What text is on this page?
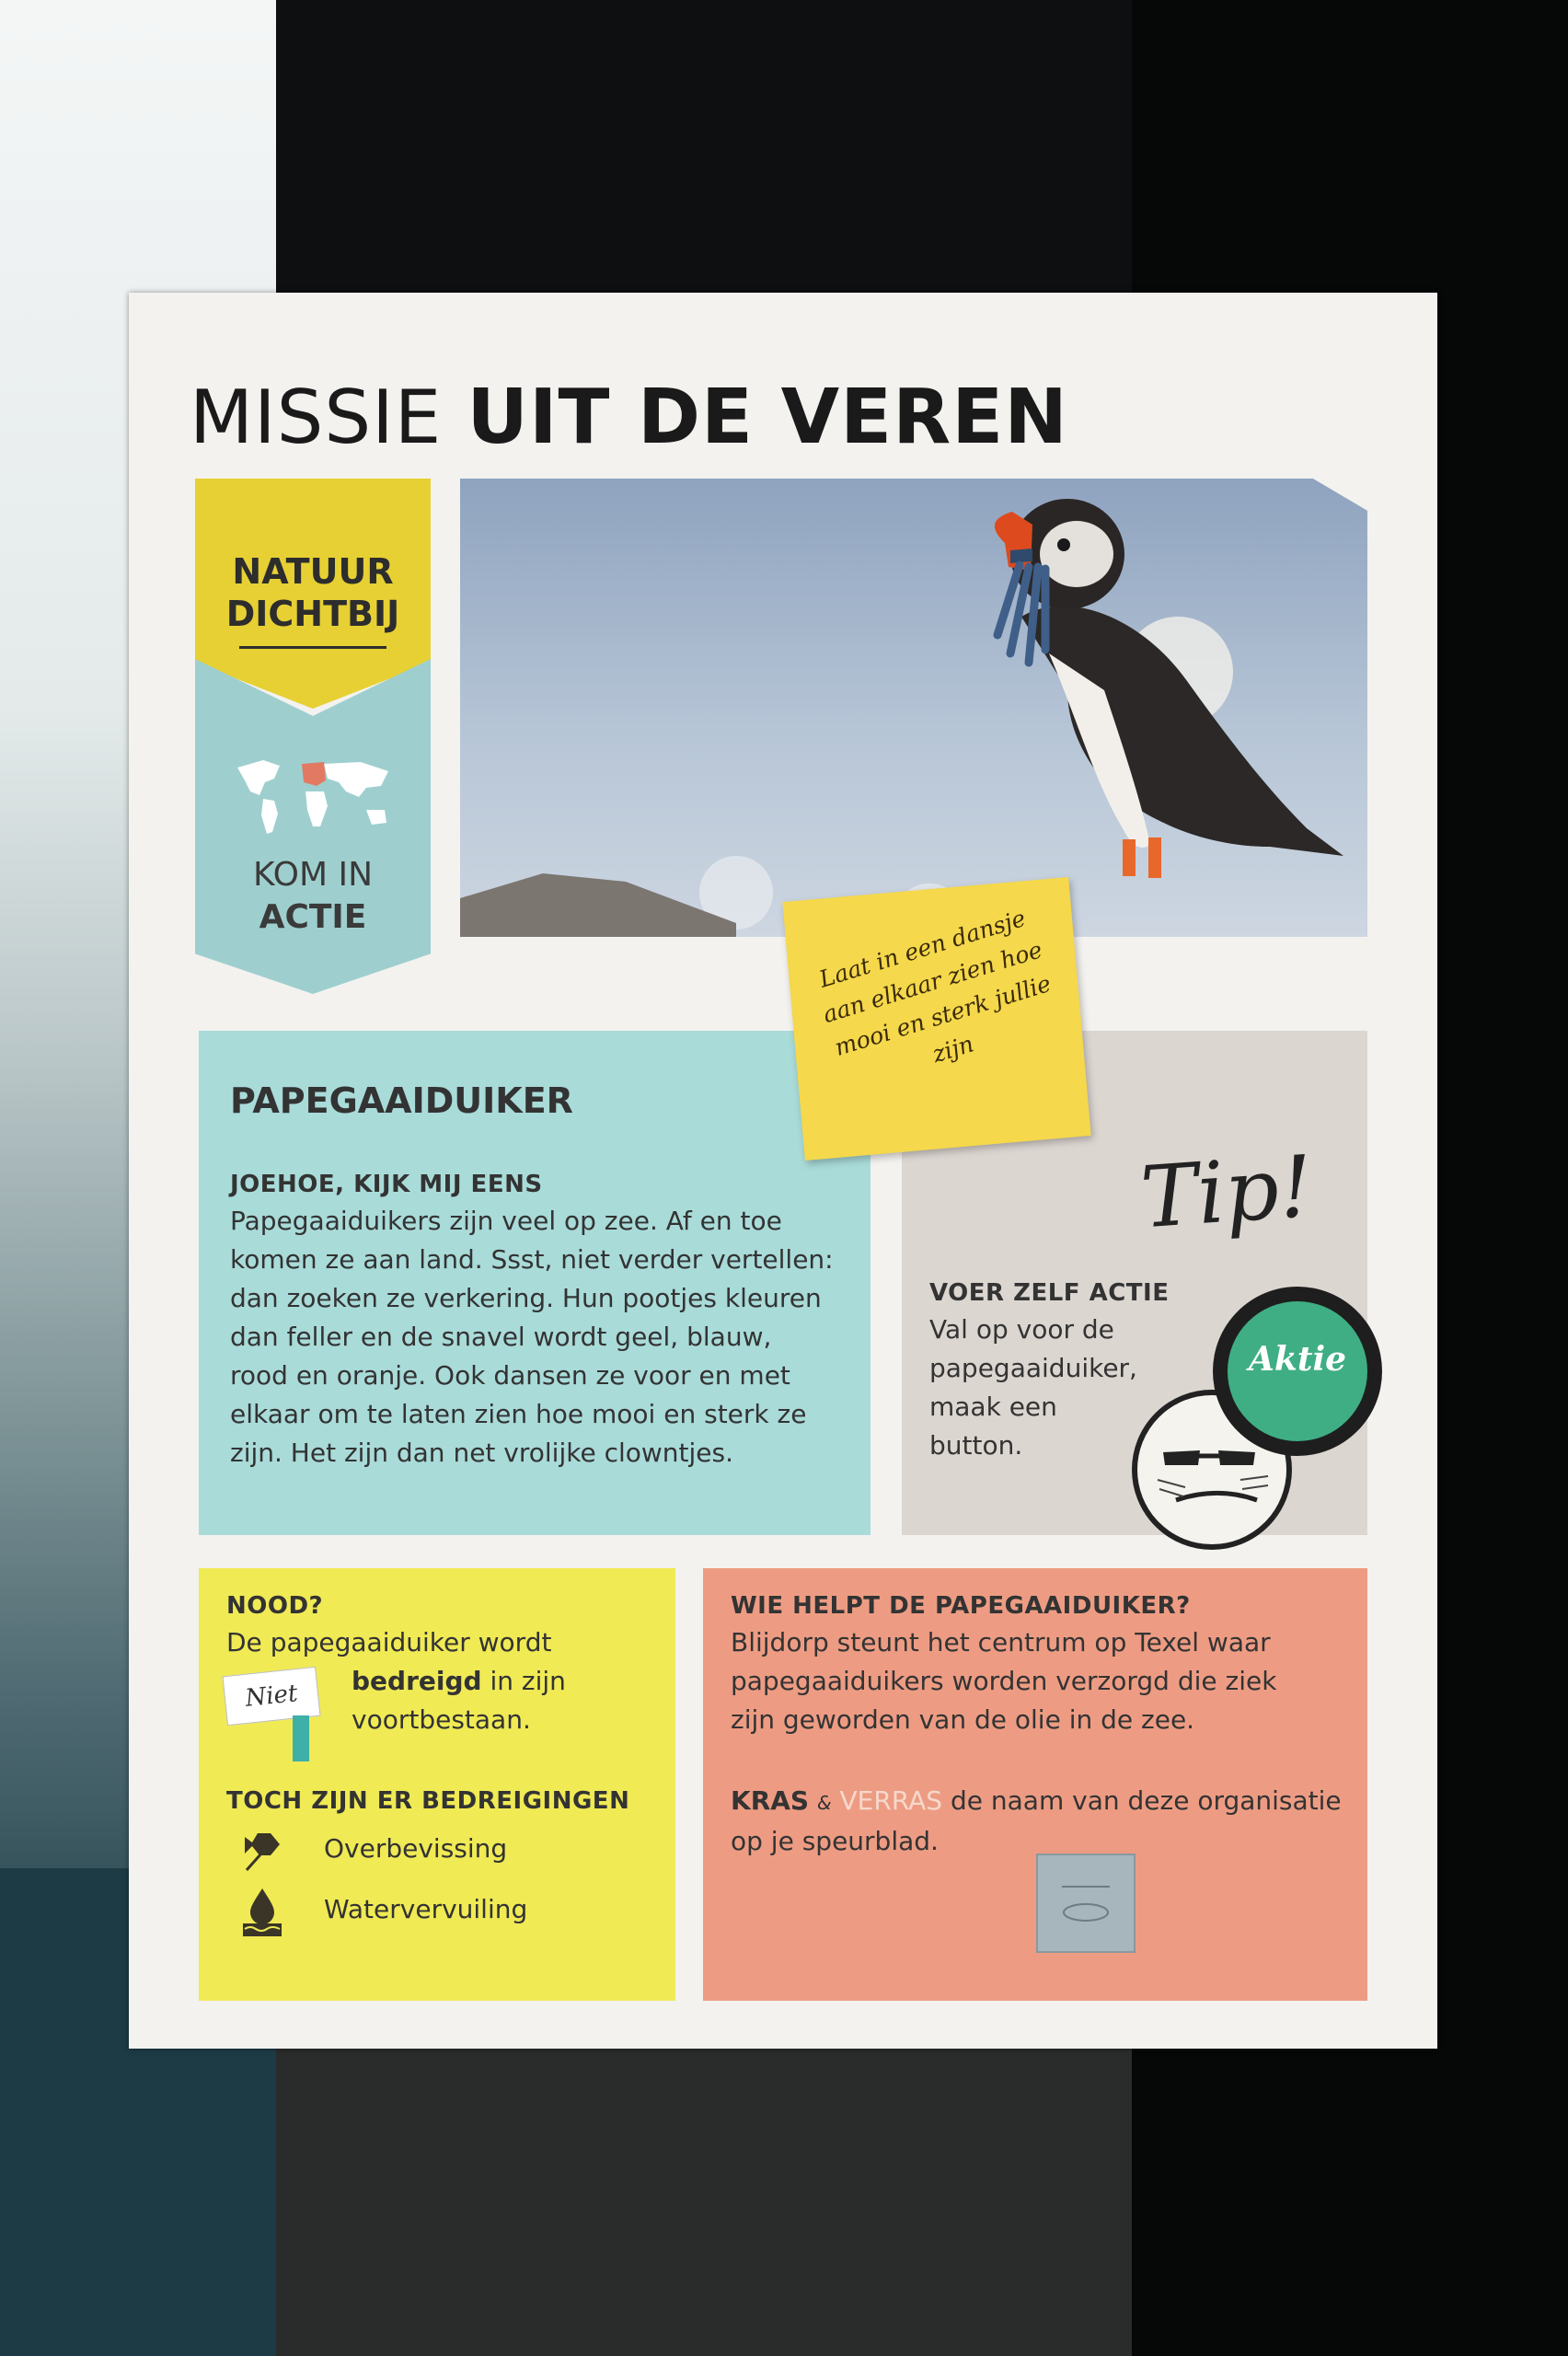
MISSIE UIT DE VEREN
NATUUR
DICHTBIJ
KOM IN
ACTIE
PAPEGAAIDUIKER
JOEHOE, KIJK MIJ EENS
Papegaaiduikers zijn veel op zee. Af en toe
komen ze aan land. Ssst, niet verder vertellen:
dan zoeken ze verkering. Hun pootjes kleuren
dan feller en de snavel wordt geel, blauw,
rood en oranje. Ook dansen ze voor en met
elkaar om te laten zien hoe mooi en sterk ze
zijn. Het zijn dan net vrolijke clowntjes.
VOER ZELF ACTIE
Val op voor de
papegaaiduiker,
maak een
button.

Laat in een dansje aan elkaar zien hoe mooi en sterk jullie zijn

Tip!
Aktie
NOOD?
De papegaaiduiker wordt
bedreigd in zijn
voortbestaan.
TOCH ZIJN ER BEDREIGINGEN
Overbevissing
Watervervuiling
Niet
WIE HELPT DE PAPEGAAIDUIKER?
Blijdorp steunt het centrum op Texel waar
papegaaiduikers worden verzorgd die ziek
zijn geworden van de olie in de zee.
KRAS & VERRAS de naam van deze organisatie
op je speurblad.
